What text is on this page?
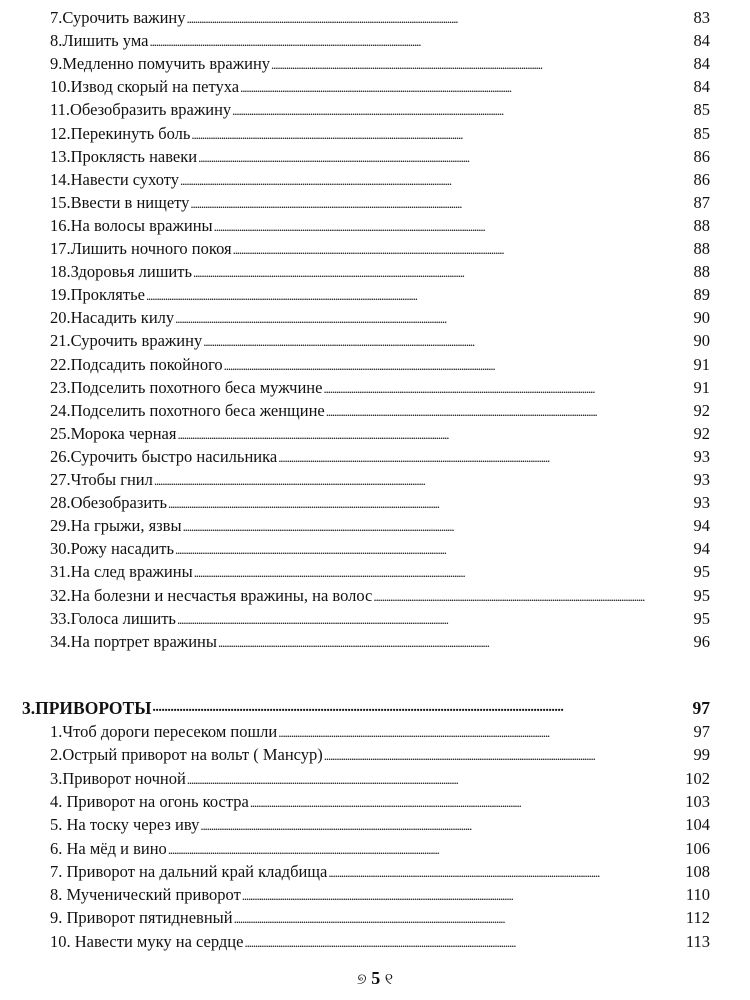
7.Сурочить важину . . .	83
8.Лишить ума . . .	84
9.Медленно помучить вражину . . .	84
10.Извод скорый на петуха . . .	84
11.Обезобразить вражину . . .	85
12.Перекинуть боль . . .	85
13.Проклясть навеки . . .	86
14.Навести сухоту . . .	86
15.Ввести в нищету . . .	87
16.На волосы вражины . . .	88
17.Лишить ночного покоя . . .	88
18.Здоровья лишить . . .	88
19.Проклятье . . .	89
20.Насадить килу . . .	90
21.Сурочить вражину . . .	90
22.Подсадить покойного . . .	91
23.Подселить похотного беса мужчине . . .	91
24.Подселить похотного беса женщине . . .	92
25.Морока черная . . .	92
26.Сурочить быстро насильника . . .	93
27.Чтобы гнил . . .	93
28.Обезобразить . . .	93
29.На грыжи, язвы . . .	94
30.Рожу насадить . . .	94
31.На след вражины . . .	95
32.На болезни и несчастья вражины, на волос . . .	95
33.Голоса лишить . . .	95
34.На портрет вражины . . .	96
3.ПРИВОРОТЫ . . .	97
1.Чтоб дороги пересеком пошли . . .	97
2.Острый приворот на вольт ( Мансур) . . .	99
3.Приворот ночной . . .	102
4. Приворот на огонь костра . . .	103
5. На тоску через иву . . .	104
6. На мёд и вино . . .	106
7. Приворот на дальний край кладбища . . .	108
8. Мученический приворот . . .	110
9. Приворот пятидневный . . .	112
10. Навести муку на сердце . . .	113
୭ 5 ୧
